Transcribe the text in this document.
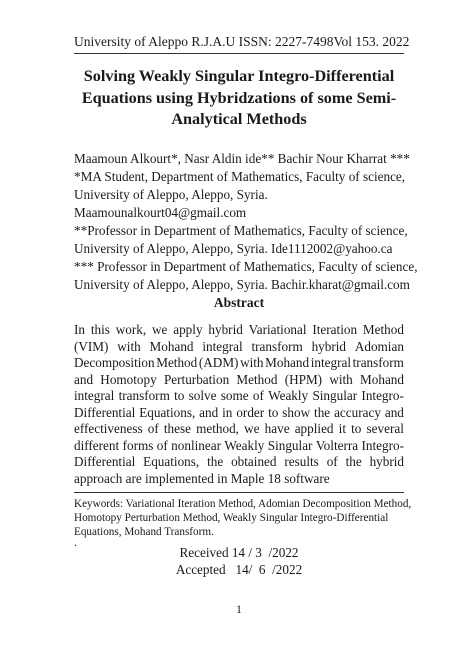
University of Aleppo R.J.A.U ISSN: 2227-7498 Vol 153. 2022
Solving Weakly Singular Integro-Differential
Equations using Hybridzations of some Semi-
Analytical Methods
Maamoun Alkourt*, Nasr Aldin ide** Bachir Nour Kharrat ***
*MA Student, Department of Mathematics, Faculty of science,
University of Aleppo, Aleppo, Syria.
Maamounalkourt04@gmail.com
**Professor in Department of Mathematics, Faculty of science,
University of Aleppo, Aleppo, Syria. Ide1112002@yahoo.ca
*** Professor in Department of Mathematics, Faculty of science,
University of Aleppo, Aleppo, Syria. Bachir.kharat@gmail.com
Abstract
In this work, we apply hybrid Variational Iteration Method
(VIM) with Mohand integral transform hybrid Adomian
Decomposition Method (ADM) with Mohand integral transform
and Homotopy Perturbation Method (HPM) with Mohand
integral transform to solve some of Weakly Singular Integro-
Differential Equations, and in order to show the accuracy and
effectiveness of these method, we have applied it to several
different forms of nonlinear Weakly Singular Volterra Integro-
Differential Equations, the obtained results of the hybrid
approach are implemented in Maple 18 software
Keywords: Variational Iteration Method, Adomian Decomposition Method,
Homotopy Perturbation Method, Weakly Singular Integro-Differential
Equations, Mohand Transform.
.
Received 14 / 3  /2022
Accepted   14/  6  /2022
1
